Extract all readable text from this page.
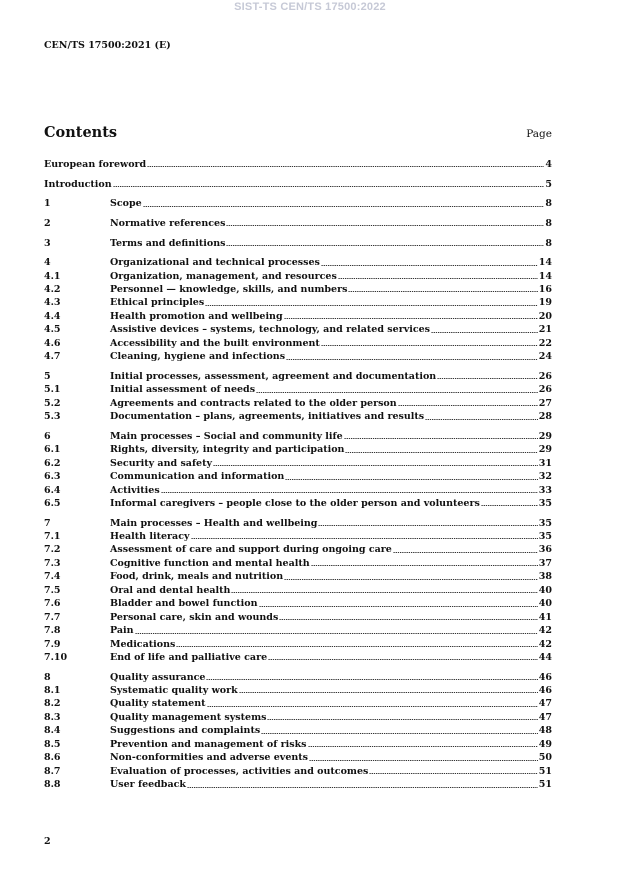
SIST-TS CEN/TS 17500:2022
CEN/TS 17500:2021 (E)
Contents	Page
European foreword	4
Introduction	5
1	Scope	8
2	Normative references	8
3	Terms and definitions	8
4	Organizational and technical processes	14
4.1	Organization, management, and resources	14
4.2	Personnel — knowledge, skills, and numbers	16
4.3	Ethical principles	19
4.4	Health promotion and wellbeing	20
4.5	Assistive devices – systems, technology, and related services	21
4.6	Accessibility and the built environment	22
4.7	Cleaning, hygiene and infections	24
5	Initial processes, assessment, agreement and documentation	26
5.1	Initial assessment of needs	26
5.2	Agreements and contracts related to the older person	27
5.3	Documentation – plans, agreements, initiatives and results	28
6	Main processes – Social and community life	29
6.1	Rights, diversity, integrity and participation	29
6.2	Security and safety	31
6.3	Communication and information	32
6.4	Activities	33
6.5	Informal caregivers – people close to the older person and volunteers	35
7	Main processes – Health and wellbeing	35
7.1	Health literacy	35
7.2	Assessment of care and support during ongoing care	36
7.3	Cognitive function and mental health	37
7.4	Food, drink, meals and nutrition	38
7.5	Oral and dental health	40
7.6	Bladder and bowel function	40
7.7	Personal care, skin and wounds	41
7.8	Pain	42
7.9	Medications	42
7.10	End of life and palliative care	44
8	Quality assurance	46
8.1	Systematic quality work	46
8.2	Quality statement	47
8.3	Quality management systems	47
8.4	Suggestions and complaints	48
8.5	Prevention and management of risks	49
8.6	Non-conformities and adverse events	50
8.7	Evaluation of processes, activities and outcomes	51
8.8	User feedback	51
2
